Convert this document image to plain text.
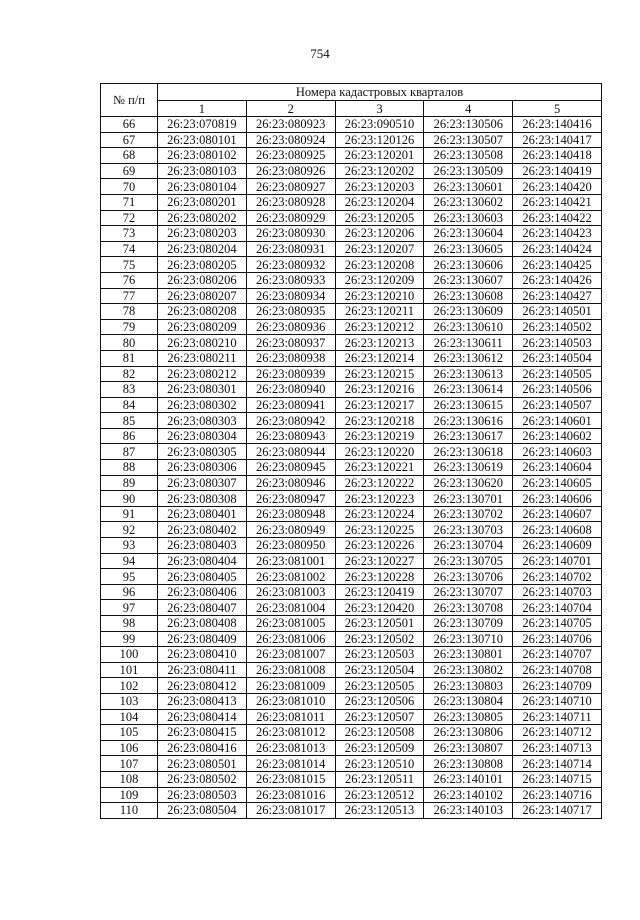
754
№ п/п	Номера кадастровых кварталов				
	1	2	3	4	5
66	26:23:070819	26:23:080923	26:23:090510	26:23:130506	26:23:140416
67	26:23:080101	26:23:080924	26:23:120126	26:23:130507	26:23:140417
68	26:23:080102	26:23:080925	26:23:120201	26:23:130508	26:23:140418
69	26:23:080103	26:23:080926	26:23:120202	26:23:130509	26:23:140419
70	26:23:080104	26:23:080927	26:23:120203	26:23:130601	26:23:140420
71	26:23:080201	26:23:080928	26:23:120204	26:23:130602	26:23:140421
72	26:23:080202	26:23:080929	26:23:120205	26:23:130603	26:23:140422
73	26:23:080203	26:23:080930	26:23:120206	26:23:130604	26:23:140423
74	26:23:080204	26:23:080931	26:23:120207	26:23:130605	26:23:140424
75	26:23:080205	26:23:080932	26:23:120208	26:23:130606	26:23:140425
76	26:23:080206	26:23:080933	26:23:120209	26:23:130607	26:23:140426
77	26:23:080207	26:23:080934	26:23:120210	26:23:130608	26:23:140427
78	26:23:080208	26:23:080935	26:23:120211	26:23:130609	26:23:140501
79	26:23:080209	26:23:080936	26:23:120212	26:23:130610	26:23:140502
80	26:23:080210	26:23:080937	26:23:120213	26:23:130611	26:23:140503
81	26:23:080211	26:23:080938	26:23:120214	26:23:130612	26:23:140504
82	26:23:080212	26:23:080939	26:23:120215	26:23:130613	26:23:140505
83	26:23:080301	26:23:080940	26:23:120216	26:23:130614	26:23:140506
84	26:23:080302	26:23:080941	26:23:120217	26:23:130615	26:23:140507
85	26:23:080303	26:23:080942	26:23:120218	26:23:130616	26:23:140601
86	26:23:080304	26:23:080943	26:23:120219	26:23:130617	26:23:140602
87	26:23:080305	26:23:080944	26:23:120220	26:23:130618	26:23:140603
88	26:23:080306	26:23:080945	26:23:120221	26:23:130619	26:23:140604
89	26:23:080307	26:23:080946	26:23:120222	26:23:130620	26:23:140605
90	26:23:080308	26:23:080947	26:23:120223	26:23:130701	26:23:140606
91	26:23:080401	26:23:080948	26:23:120224	26:23:130702	26:23:140607
92	26:23:080402	26:23:080949	26:23:120225	26:23:130703	26:23:140608
93	26:23:080403	26:23:080950	26:23:120226	26:23:130704	26:23:140609
94	26:23:080404	26:23:081001	26:23:120227	26:23:130705	26:23:140701
95	26:23:080405	26:23:081002	26:23:120228	26:23:130706	26:23:140702
96	26:23:080406	26:23:081003	26:23:120419	26:23:130707	26:23:140703
97	26:23:080407	26:23:081004	26:23:120420	26:23:130708	26:23:140704
98	26:23:080408	26:23:081005	26:23:120501	26:23:130709	26:23:140705
99	26:23:080409	26:23:081006	26:23:120502	26:23:130710	26:23:140706
100	26:23:080410	26:23:081007	26:23:120503	26:23:130801	26:23:140707
101	26:23:080411	26:23:081008	26:23:120504	26:23:130802	26:23:140708
102	26:23:080412	26:23:081009	26:23:120505	26:23:130803	26:23:140709
103	26:23:080413	26:23:081010	26:23:120506	26:23:130804	26:23:140710
104	26:23:080414	26:23:081011	26:23:120507	26:23:130805	26:23:140711
105	26:23:080415	26:23:081012	26:23:120508	26:23:130806	26:23:140712
106	26:23:080416	26:23:081013	26:23:120509	26:23:130807	26:23:140713
107	26:23:080501	26:23:081014	26:23:120510	26:23:130808	26:23:140714
108	26:23:080502	26:23:081015	26:23:120511	26:23:140101	26:23:140715
109	26:23:080503	26:23:081016	26:23:120512	26:23:140102	26:23:140716
110	26:23:080504	26:23:081017	26:23:120513	26:23:140103	26:23:140717
